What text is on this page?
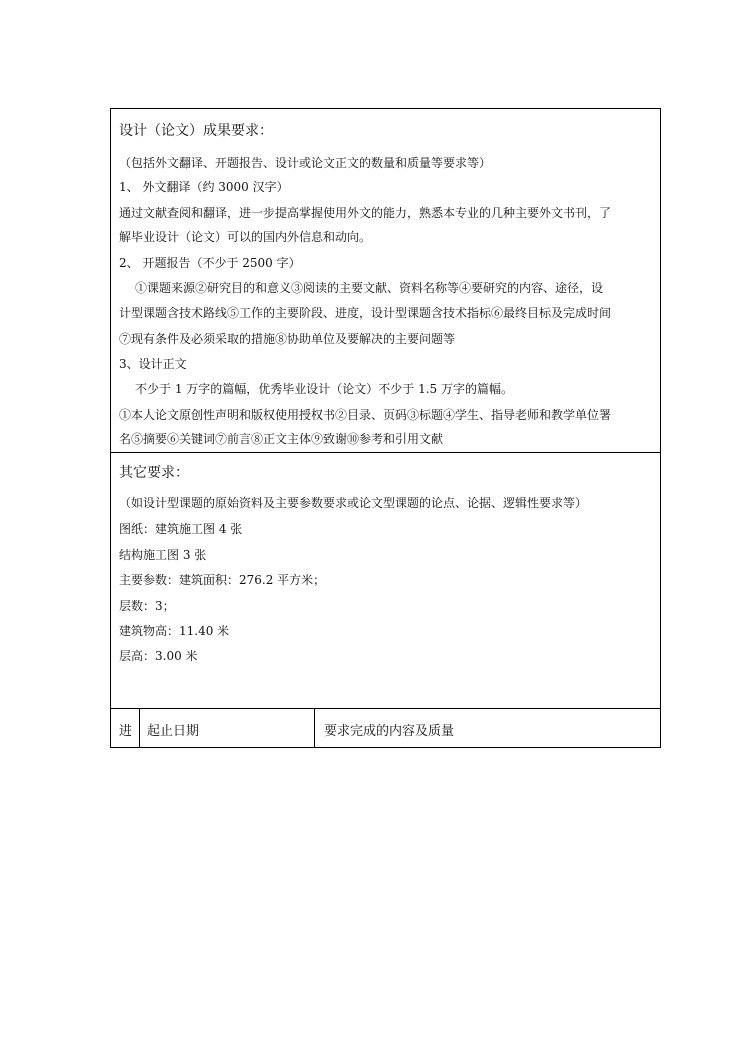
设计（论文）成果要求：
（包括外文翻译、开题报告、设计或论文正文的数量和质量等要求等）
1、 外文翻译（约 3000 汉字）
通过文献查阅和翻译，进一步提高掌握使用外文的能力，熟悉本专业的几种主要外文书刊，了
解毕业设计（论文）可以的国内外信息和动向。
2、 开题报告（不少于 2500 字）
①课题来源②研究目的和意义③阅读的主要文献、资料名称等④要研究的内容、途径，设
计型课题含技术路线⑤工作的主要阶段、进度，设计型课题含技术指标⑥最终目标及完成时间
⑦现有条件及必须采取的措施⑧协助单位及要解决的主要问题等
3、设计正文
不少于 1 万字的篇幅，优秀毕业设计（论文）不少于 1.5 万字的篇幅。
①本人论文原创性声明和版权使用授权书②目录、页码③标题④学生、指导老师和教学单位署
名⑤摘要⑥关键词⑦前言⑧正文主体⑨致谢⑩参考和引用文献
其它要求：
（如设计型课题的原始资料及主要参数要求或论文型课题的论点、论据、逻辑性要求等）
图纸：建筑施工图 4 张
结构施工图 3 张
主要参数：建筑面积：276.2 平方米；
层数：3；
建筑物高：11.40 米
层高：3.00 米
进 起止日期	要求完成的内容及质量
